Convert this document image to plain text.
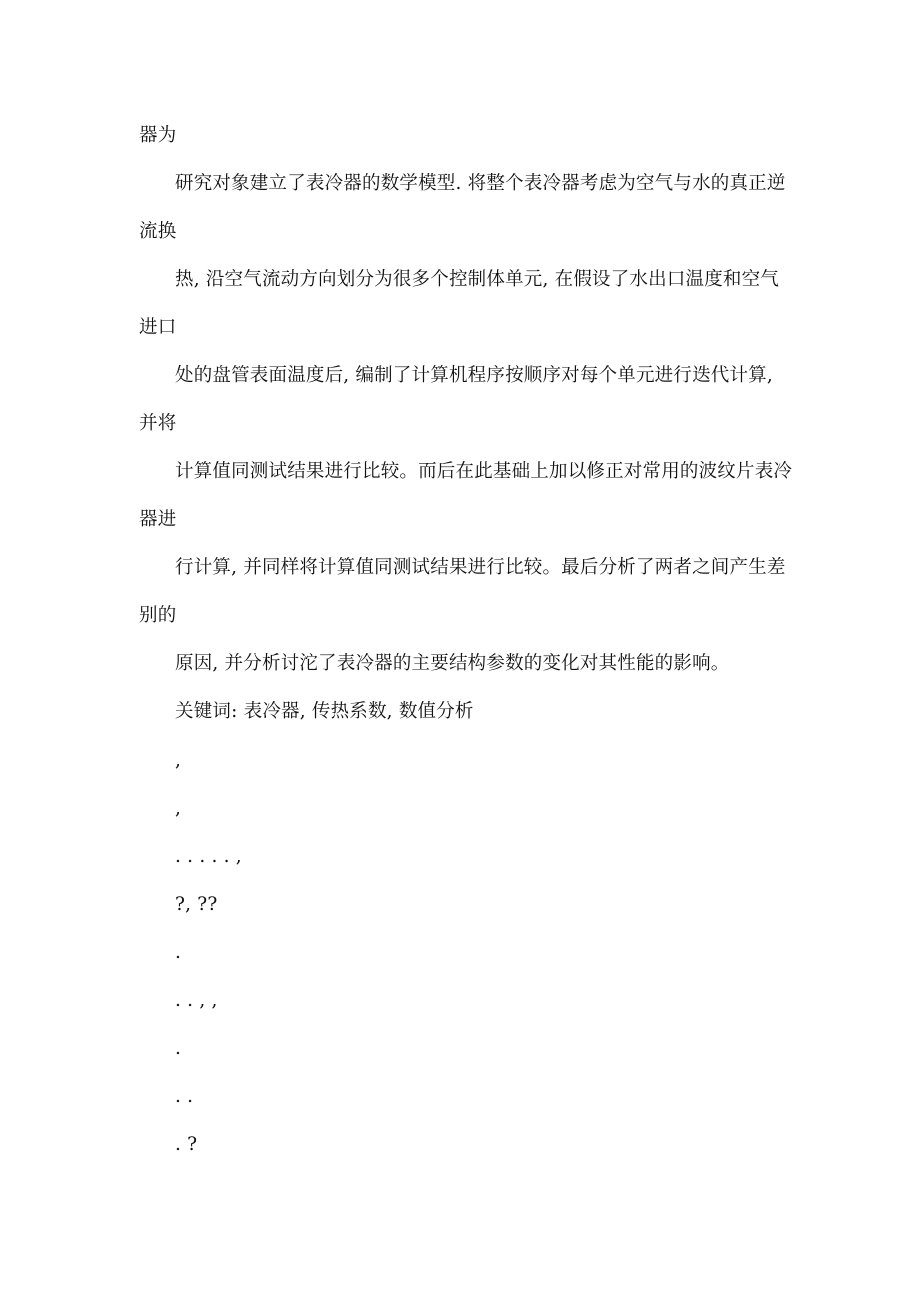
器为
研究对象建立了表冷器的数学模型. 将整个表冷器考虑为空气与水的真正逆
流换
热, 沿空气流动方向划分为很多个控制体单元, 在假设了水出口温度和空气
进口
处的盘管表面温度后, 编制了计算机程序按顺序对每个单元进行迭代计算,
并将
计算值同测试结果进行比较。而后在此基础上加以修正对常用的波纹片表冷
器进
行计算, 并同样将计算值同测试结果进行比较。最后分析了两者之间产生差
别的
原因, 并分析讨沱了表冷器的主要结构参数的变化对其性能的影响。
关键词: 表冷器, 传热系数, 数值分析
,
,
. . . . . ,
?, ??
.
. . , ,
.
. .
. ?
